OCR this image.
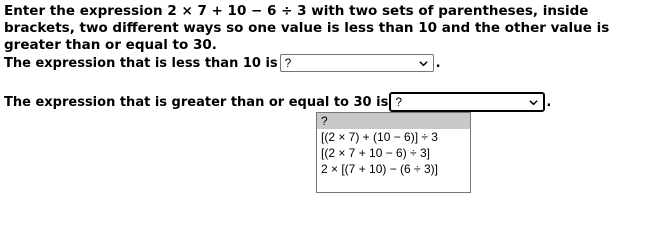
Enter the expression 2 × 7 + 10 − 6 ÷ 3 with two sets of parentheses, inside brackets, two different ways so one value is less than 10 and the other value is greater than or equal to 30.
The expression that is less than 10 is ?	.
The expression that is greater than or equal to 30 is ?	.
?
[(2 × 7) + (10 − 6)] ÷ 3
[(2 × 7 + 10 − 6) ÷ 3]
2 × [(7 + 10) − (6 ÷ 3)]
